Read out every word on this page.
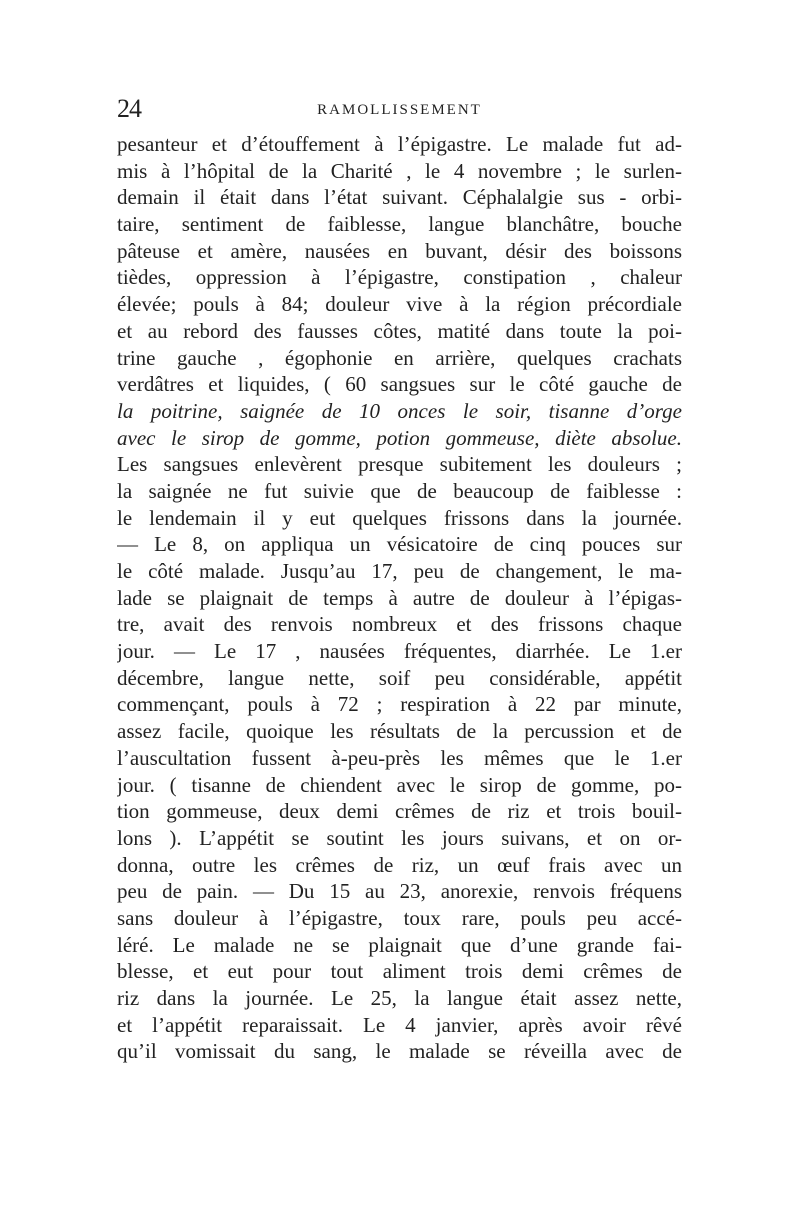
24	RAMOLLISSEMENT
pesanteur et d’étouffement à l’épigastre. Le malade fut ad-
mis à l’hôpital de la Charité , le 4 novembre ; le surlen-
demain il était dans l’état suivant. Céphalalgie sus - orbi-
taire, sentiment de faiblesse, langue blanchâtre, bouche
pâteuse et amère, nausées en buvant, désir des boissons
tièdes, oppression à l’épigastre, constipation , chaleur
élevée; pouls à 84; douleur vive à la région précordiale
et au rebord des fausses côtes, matité dans toute la poi-
trine gauche , égophonie en arrière, quelques crachats
verdâtres et liquides, ( 60 sangsues sur le côté gauche de
la poitrine, saignée de 10 onces le soir, tisanne d’orge
avec le sirop de gomme, potion gommeuse, diète absolue.
Les sangsues enlevèrent presque subitement les douleurs ;
la saignée ne fut suivie que de beaucoup de faiblesse :
le lendemain il y eut quelques frissons dans la journée.
— Le 8, on appliqua un vésicatoire de cinq pouces sur
le côté malade. Jusqu’au 17, peu de changement, le ma-
lade se plaignait de temps à autre de douleur à l’épigas-
tre, avait des renvois nombreux et des frissons chaque
jour. — Le 17 , nausées fréquentes, diarrhée. Le 1.er
décembre, langue nette, soif peu considérable, appétit
commençant, pouls à 72 ; respiration à 22 par minute,
assez facile, quoique les résultats de la percussion et de
l’auscultation fussent à-peu-près les mêmes que le 1.er
jour. ( tisanne de chiendent avec le sirop de gomme, po-
tion gommeuse, deux demi crêmes de riz et trois bouil-
lons ). L’appétit se soutint les jours suivans, et on or-
donna, outre les crêmes de riz, un œuf frais avec un
peu de pain. — Du 15 au 23, anorexie, renvois fréquens
sans douleur à l’épigastre, toux rare, pouls peu accé-
léré. Le malade ne se plaignait que d’une grande fai-
blesse, et eut pour tout aliment trois demi crêmes de
riz dans la journée. Le 25, la langue était assez nette,
et l’appétit reparaissait. Le 4 janvier, après avoir rêvé
qu’il vomissait du sang, le malade se réveilla avec de
